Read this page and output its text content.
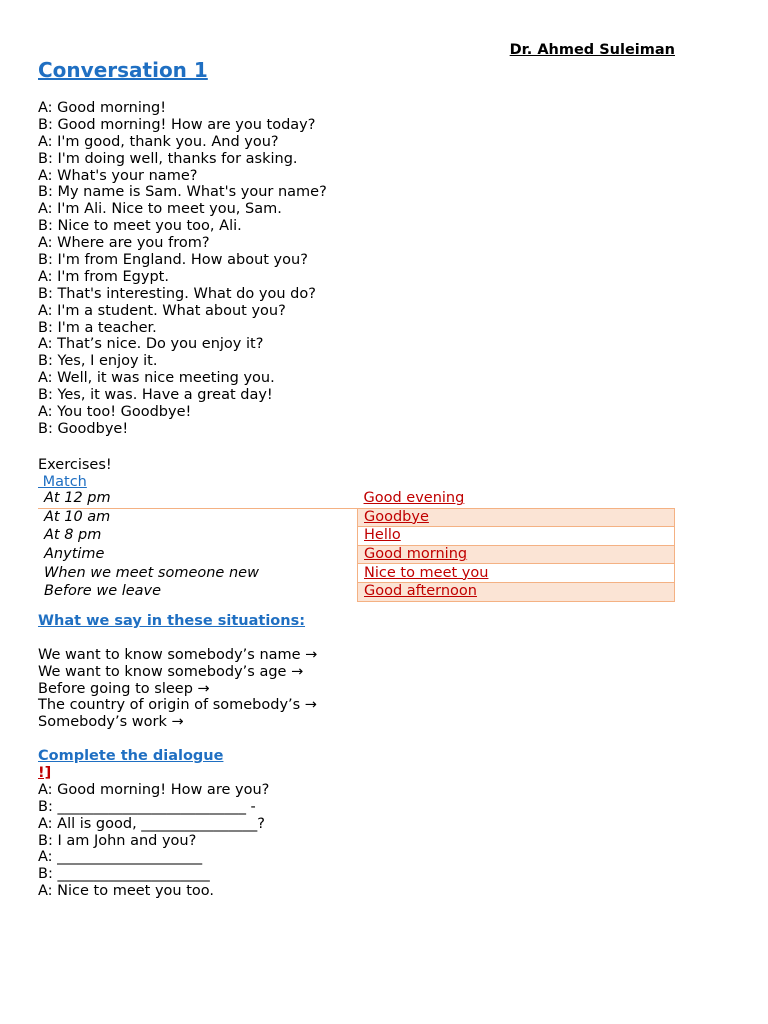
Dr. Ahmed Suleiman
Conversation 1
A: Good morning!
B: Good morning! How are you today?
A: I'm good, thank you. And you?
B: I'm doing well, thanks for asking.
A: What's your name?
B: My name is Sam. What's your name?
A: I'm Ali. Nice to meet you, Sam.
B: Nice to meet you too, Ali.
A: Where are you from?
B: I'm from England. How about you?
A: I'm from Egypt.
B: That's interesting. What do you do?
A: I'm a student. What about you?
B: I'm a teacher.
A: That’s nice. Do you enjoy it?
B: Yes, I enjoy it.
A: Well, it was nice meeting you.
B: Yes, it was. Have a great day!
A: You too! Goodbye!
B: Goodbye!
Exercises!
Match
At 12 pm	Good evening
At 10 am	Goodbye
At 8 pm	Hello
Anytime	Good morning
When we meet someone new	Nice to meet you
Before we leave	Good afternoon
What we say in these situations:
We want to know somebody’s name →
We want to know somebody’s age →
Before going to sleep →
The country of origin of somebody’s →
Somebody’s work →
Complete the dialogue
!]
A: Good morning! How are you?
B: __________________________ -
A: All is good, ________________?
B: I am John and you?
A: ____________________
B: _____________________
A: Nice to meet you too.
